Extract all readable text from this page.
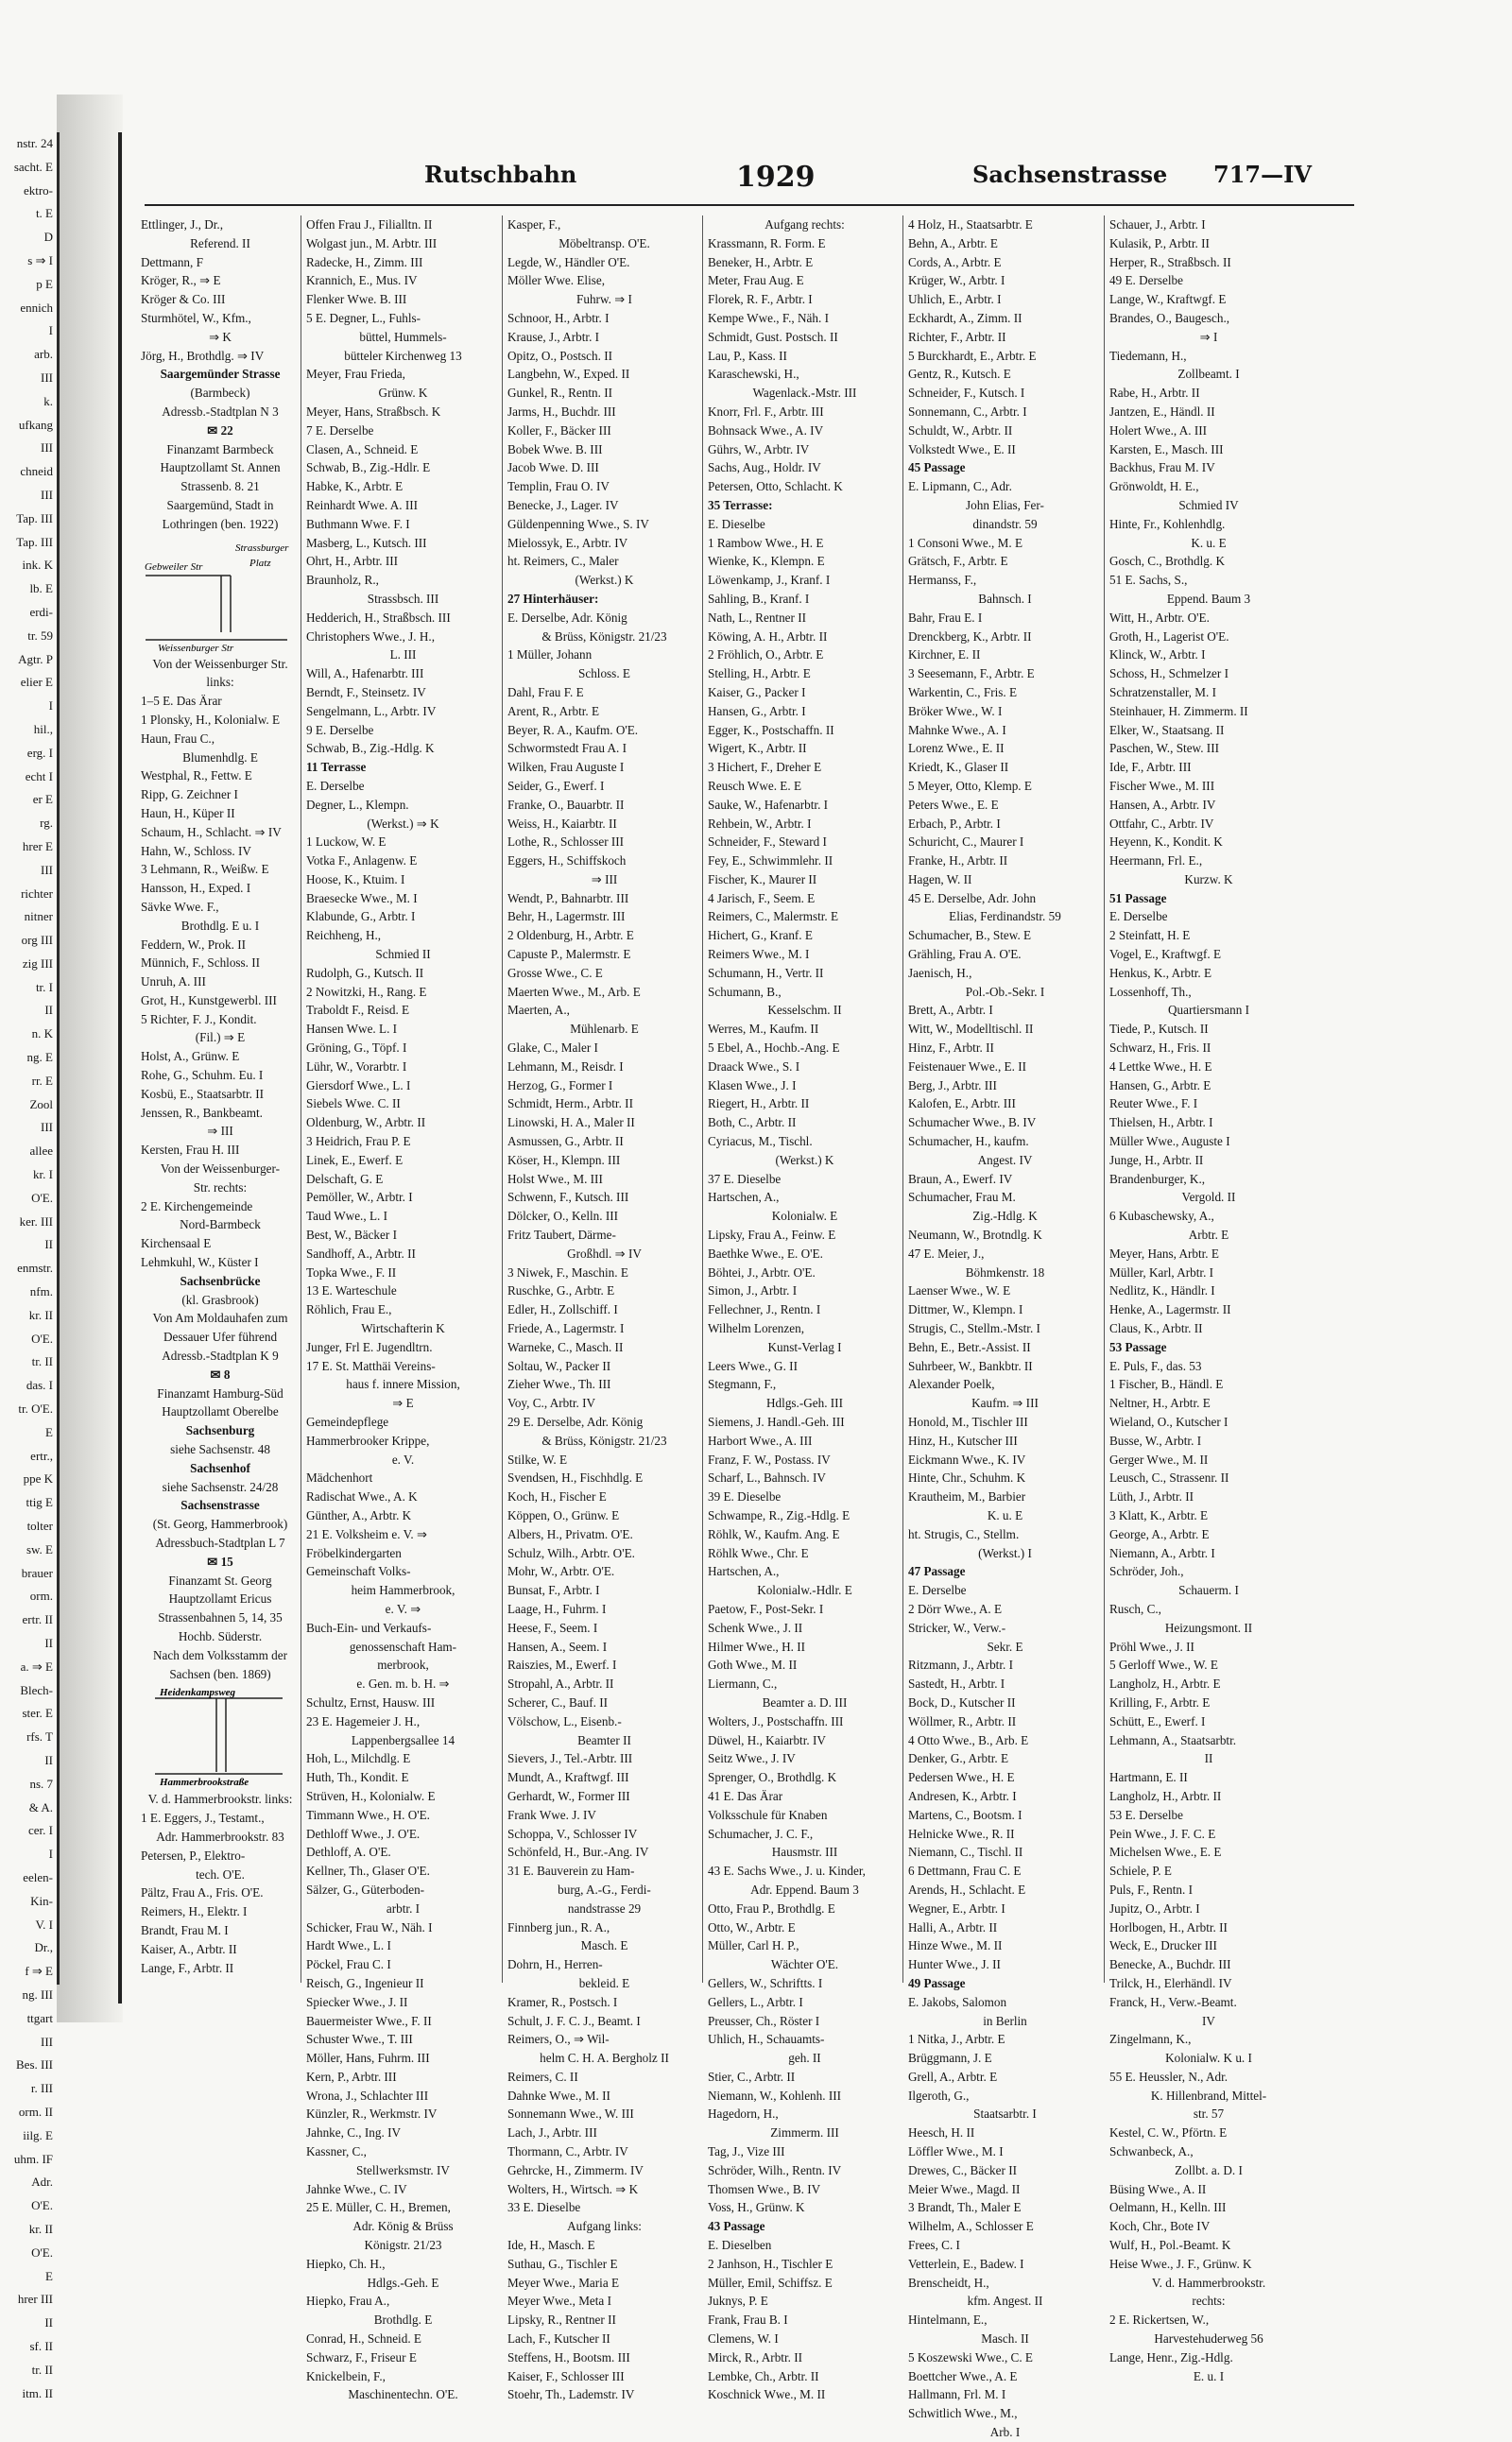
nstr. 24
sacht. E
ektro-
t. E
D
s ⇒ I
p E
ennich
I
arb.
III
k.
ufkang
III
chneid
III
Tap. III
Tap. III
ink. K
lb. E
erdi-
tr. 59
Agtr. P
elier E
I
hil.,
erg. I
echt I
er E
rg.
hrer E
III
richter
nitner
org III
zig III
tr. I
II
n. K
ng. E
rr. E
Zool
III
alleе
kr. I
O'E.
ker. III
II
enmstr.
nfm.
kr. II
O'E.
tr. II
das. I
tr. O'E.
E
ertr.,
ppe K
ttig E
tolter
sw. E
brauer
orm.
ertr. II
II
a. ⇒ E
Blech-
ster. E
rfs. T
II
ns. 7
& A.
cer. I
I
eelen-
Kin-
V. I
Dr.,
f ⇒ E
ng. III
ttgart
III
Bes. III
r. III
orm. II
iilg. E
uhm. IF
Adr.
O'E.
kr. II
O'E.
E
hrer III
II
sf. II
tr. II
itm. II
Rutschbahn	1929	Sachsenstrasse 717—IV
Ettlinger, J., Dr.,
Referend. II
Dettmann, F
Kröger, R., ⇒ E
Kröger & Co. III
Sturmhötel, W., Kfm.,
⇒ K
Jörg, H., Brothdlg. ⇒ IV
Saargemünder Strasse
(Barmbeck)
Adressb.-Stadtplan N 3
✉ 22
Finanzamt Barmbeck
Hauptzollamt St. Annen
Strassenb. 8. 21
Saargemünd, Stadt in
Lothringen (ben. 1922)
Gebweiler Str
Strassburger
Platz
Weissenburger Str
Von der Weissenburger Str.
links:
1–5 E. Das Ärar
1 Plonsky, H., Kolonialw. E
Haun, Frau C.,
Blumenhdlg. E
Westphal, R., Fettw. E
Ripp, G. Zeichner I
Haun, H., Küper II
Schaum, H., Schlacht. ⇒ IV
Hahn, W., Schloss. IV
3 Lehmann, R., Weißw. E
Hansson, H., Exped. I
Sävke Wwe. F.,
Brothdlg. E u. I
Feddern, W., Prok. II
Münnich, F., Schloss. II
Unruh, A. III
Grot, H., Kunstgewerbl. III
5 Richter, F. J., Kondit.
(Fil.) ⇒ E
Holst, A., Grünw. E
Rohe, G., Schuhm. Eu. I
Kosbü, E., Staatsarbtr. II
Jenssen, R., Bankbeamt.
⇒ III
Kersten, Frau H. III
Von der Weissenburger-
Str. rechts:
2 E. Kirchengemeinde
Nord-Barmbeck
Kirchensaal E
Lehmkuhl, W., Küster I
Sachsenbrücke
(kl. Grasbrook)
Von Am Moldauhafen zum
Dessauer Ufer führend
Adressb.-Stadtplan K 9
✉ 8
Finanzamt Hamburg-Süd
Hauptzollamt Oberelbe
Sachsenburg
siehe Sachsenstr. 48
Sachsenhof
siehe Sachsenstr. 24/28
Sachsenstrasse
(St. Georg, Hammerbrook)
Adressbuch-Stadtplan L 7
✉ 15
Finanzamt St. Georg
Hauptzollamt Ericus
Strassenbahnen 5, 14, 35
Hochb. Süderstr.
Nach dem Volksstamm der
Sachsen (ben. 1869)
Heidenkampsweg
Hammerbrookstraße
V. d. Hammerbrookstr. links:
1 E. Eggers, J., Testamt.,
Adr. Hammerbrookstr. 83
Petersen, P., Elektro-
tech. O'E.
Pältz, Frau A., Fris. O'E.
Reimers, H., Elektr. I
Brandt, Frau M. I
Kaiser, A., Arbtr. II
Lange, F., Arbtr. II
Offen Frau J., Filialltn. II
Wolgast jun., M. Arbtr. III
Radecke, H., Zimm. III
Krannich, E., Mus. IV
Flenker Wwe. B. III
5 E. Degner, L., Fuhls-
büttel, Hummels-
bütteler Kirchenweg 13
Meyer, Frau Frieda,
Grünw. K
Meyer, Hans, Straßbsch. K
7 E. Derselbe
Clasen, A., Schneid. E
Schwab, B., Zig.-Hdlr. E
Habke, K., Arbtr. E
Reinhardt Wwe. A. III
Buthmann Wwe. F. I
Masberg, L., Kutsch. III
Ohrt, H., Arbtr. III
Braunholz, R.,
Strassbsch. III
Hedderich, H., Straßbsch. III
Christophers Wwe., J. H.,
L. III
Will, A., Hafenarbtr. III
Berndt, F., Steinsetz. IV
Sengelmann, L., Arbtr. IV
9 E. Derselbe
Schwab, B., Zig.-Hdlg. K
11 Terrasse
E. Derselbe
Degner, L., Klempn.
(Werkst.) ⇒ K
1 Luckow, W. E
Votka F., Anlagenw. E
Hoose, K., Ktuim. I
Braesecke Wwe., M. I
Klabunde, G., Arbtr. I
Reichheng, H.,
Schmied II
Rudolph, G., Kutsch. II
2 Nowitzki, H., Rang. E
Traboldt F., Reisd. E
Hansen Wwe. L. I
Gröning, G., Töpf. I
Lühr, W., Vorarbtr. I
Giersdorf Wwe., L. I
Siebels Wwe. C. II
Oldenburg, W., Arbtr. II
3 Heidrich, Frau P. E
Linek, E., Ewerf. E
Delschaft, G. E
Pemöller, W., Arbtr. I
Taud Wwe., L. I
Best, W., Bäcker I
Sandhoff, A., Arbtr. II
Topka Wwe., F. II
13 E. Warteschule
Röhlich, Frau E.,
Wirtschafterin K
Junger, Frl E. Jugendltrn.
17 E. St. Matthäi Vereins-
haus f. innere Mission,
⇒ E
Gemeindepflege
Hammerbrooker Krippe,
e. V.
Mädchenhort
Radischat Wwe., A. K
Günther, A., Arbtr. K
21 E. Volksheim e. V. ⇒
Fröbelkindergarten
Gemeinschaft Volks-
heim Hammerbrook,
e. V. ⇒
Buch-Ein- und Verkaufs-
genossenschaft Ham-
merbrook,
e. Gen. m. b. H. ⇒
Schultz, Ernst, Hausw. III
23 E. Hagemeier J. H.,
Lappenbergsallee 14
Hoh, L., Milchdlg. E
Huth, Th., Kondit. E
Strüven, H., Kolonialw. E
Timmann Wwe., H. O'E.
Dethloff Wwe., J. O'E.
Dethloff, A. O'E.
Kellner, Th., Glaser O'E.
Sälzer, G., Güterboden-
arbtr. I
Schicker, Frau W., Näh. I
Hardt Wwe., L. I
Pöckel, Frau C. I
Reisch, G., Ingenieur II
Spiecker Wwe., J. II
Bauermeister Wwe., F. II
Schuster Wwe., T. III
Möller, Hans, Fuhrm. III
Kern, P., Arbtr. III
Wrona, J., Schlachter III
Künzler, R., Werkmstr. IV
Jahnke, C., Ing. IV
Kassner, C.,
Stellwerksmstr. IV
Jahnke Wwe., C. IV
25 E. Müller, C. H., Bremen,
Adr. König & Brüss
Königstr. 21/23
Hiepko, Ch. H.,
Hdlgs.-Geh. E
Hiepko, Frau A.,
Brothdlg. E
Conrad, H., Schneid. E
Schwarz, F., Friseur E
Knickelbein, F.,
Maschinentechn. O'E.
Kasper, F.,
Möbeltransp. O'E.
Legde, W., Händler O'E.
Möller Wwe. Elise,
Fuhrw. ⇒ I
Schnoor, H., Arbtr. I
Krause, J., Arbtr. I
Opitz, O., Postsch. II
Langbehn, W., Exped. II
Gunkel, R., Rentn. II
Jarms, H., Buchdr. III
Koller, F., Bäcker III
Bobek Wwe. B. III
Jacob Wwe. D. III
Templin, Frau O. IV
Benecke, J., Lager. IV
Güldenpenning Wwe., S. IV
Mielossyk, E., Arbtr. IV
ht. Reimers, C., Maler
(Werkst.) K
27 Hinterhäuser:
E. Derselbe, Adr. König
& Brüss, Königstr. 21/23
1 Müller, Johann
Schloss. E
Dahl, Frau F. E
Arent, R., Arbtr. E
Beyer, R. A., Kaufm. O'E.
Schwormstedt Frau A. I
Wilken, Frau Auguste I
Seider, G., Ewerf. I
Franke, O., Bauarbtr. II
Weiss, H., Kaiarbtr. II
Lothe, R., Schlosser III
Eggers, H., Schiffskoch
⇒ III
Wendt, P., Bahnarbtr. III
Behr, H., Lagermstr. III
2 Oldenburg, H., Arbtr. E
Capuste P., Malermstr. E
Grosse Wwe., C. E
Maerten Wwe., M., Arb. E
Maerten, A.,
Mühlenarb. E
Glake, C., Maler I
Lehmann, M., Reisdr. I
Herzog, G., Former I
Schmidt, Herm., Arbtr. II
Linowski, H. A., Maler II
Asmussen, G., Arbtr. II
Köser, H., Klempn. III
Holst Wwe., M. III
Schwenn, F., Kutsch. III
Dölcker, O., Kelln. III
Fritz Taubert, Därme-
Großhdl. ⇒ IV
3 Niwek, F., Maschin. E
Ruschke, G., Arbtr. E
Edler, H., Zollschiff. I
Friede, A., Lagermstr. I
Warneke, C., Masch. II
Soltau, W., Packer II
Zieher Wwe., Th. III
Voy, C., Arbtr. IV
29 E. Derselbe, Adr. König
& Brüss, Königstr. 21/23
Stilke, W. E
Svendsen, H., Fischhdlg. E
Koch, H., Fischer E
Köppen, O., Grünw. E
Albers, H., Privatm. O'E.
Schulz, Wilh., Arbtr. O'E.
Mohr, W., Arbtr. O'E.
Bunsat, F., Arbtr. I
Laage, H., Fuhrm. I
Heese, F., Seem. I
Hansen, A., Seem. I
Raiszies, M., Ewerf. I
Stropahl, A., Arbtr. II
Scherer, C., Bauf. II
Völschow, L., Eisenb.-
Beamter II
Sievers, J., Tel.-Arbtr. III
Mundt, A., Kraftwgf. III
Gerhardt, W., Former III
Frank Wwe. J. IV
Schoppa, V., Schlosser IV
Schönfeld, H., Bur.-Ang. IV
31 E. Bauverein zu Ham-
burg, A.-G., Ferdi-
nandstrasse 29
Finnberg jun., R. A.,
Masch. E
Dohrn, H., Herren-
bekleid. E
Kramer, R., Postsch. I
Schult, J. F. C. J., Beamt. I
Reimers, O., ⇒ Wil-
helm C. H. A. Bergholz II
Reimers, C. II
Dahnke Wwe., M. II
Sonnemann Wwe., W. III
Lach, J., Arbtr. III
Thormann, C., Arbtr. IV
Gehrcke, H., Zimmerm. IV
Wolters, H., Wirtsch. ⇒ K
33 E. Dieselbe
Aufgang links:
Ide, H., Masch. E
Suthau, G., Tischler E
Meyer Wwe., Maria E
Meyer Wwe., Meta I
Lipsky, R., Rentner II
Lach, F., Kutscher II
Steffens, H., Bootsm. III
Kaiser, F., Schlosser III
Stoehr, Th., Lademstr. IV
Aufgang rechts:
Krassmann, R. Form. E
Beneker, H., Arbtr. E
Meter, Frau Aug. E
Florek, R. F., Arbtr. I
Kempe Wwe., F., Näh. I
Schmidt, Gust. Postsch. II
Lau, P., Kass. II
Karaschewski, H.,
Wagenlack.-Mstr. III
Knorr, Frl. F., Arbtr. III
Bohnsack Wwe., A. IV
Gührs, W., Arbtr. IV
Sachs, Aug., Holdr. IV
Petersen, Otto, Schlacht. K
35 Terrasse:
E. Dieselbe
1 Rambow Wwe., H. E
Wienke, K., Klempn. E
Löwenkamp, J., Kranf. I
Sahling, B., Kranf. I
Nath, L., Rentner II
Köwing, A. H., Arbtr. II
2 Fröhlich, O., Arbtr. E
Stelling, H., Arbtr. E
Kaiser, G., Packer I
Hansen, G., Arbtr. I
Egger, K., Postschaffn. II
Wigert, K., Arbtr. II
3 Hichert, F., Dreher E
Reusch Wwe. E. E
Sauke, W., Hafenarbtr. I
Rehbein, W., Arbtr. I
Schneider, F., Steward I
Fey, E., Schwimmlehr. II
Fischer, K., Maurer II
4 Jarisch, F., Seem. E
Reimers, C., Malermstr. E
Hichert, G., Kranf. E
Reimers Wwe., M. I
Schumann, H., Vertr. II
Schumann, B.,
Kesselschm. II
Werres, M., Kaufm. II
5 Ebel, A., Hochb.-Ang. E
Draack Wwe., S. I
Klasen Wwe., J. I
Riegert, H., Arbtr. II
Both, C., Arbtr. II
Cyriacus, M., Tischl.
(Werkst.) K
37 E. Dieselbe
Hartschen, A.,
Kolonialw. E
Lipsky, Frau A., Feinw. E
Baethke Wwe., E. O'E.
Böhtei, J., Arbtr. O'E.
Simon, J., Arbtr. I
Fellechner, J., Rentn. I
Wilhelm Lorenzen,
Kunst-Verlag I
Leers Wwe., G. II
Stegmann, F.,
Hdlgs.-Geh. III
Siemens, J. Handl.-Geh. III
Harbort Wwe., A. III
Franz, F. W., Postass. IV
Scharf, L., Bahnsch. IV
39 E. Dieselbe
Schwampe, R., Zig.-Hdlg. E
Röhlk, W., Kaufm. Ang. E
Röhlk Wwe., Chr. E
Hartschen, A.,
Kolonialw.-Hdlr. E
Paetow, F., Post-Sekr. I
Schenk Wwe., J. II
Hilmer Wwe., H. II
Goth Wwe., M. II
Liermann, C.,
Beamter a. D. III
Wolters, J., Postschaffn. III
Düwel, H., Kaiarbtr. IV
Seitz Wwe., J. IV
Sprenger, O., Brothdlg. K
41 E. Das Ärar
Volksschule für Knaben
Schumacher, J. C. F.,
Hausmstr. III
43 E. Sachs Wwe., J. u. Kinder,
Adr. Eppend. Baum 3
Otto, Frau P., Brothdlg. E
Otto, W., Arbtr. E
Müller, Carl H. P.,
Wächter O'E.
Gellers, W., Schriftts. I
Gellers, L., Arbtr. I
Preusser, Ch., Röster I
Uhlich, H., Schauamts-
geh. II
Stier, C., Arbtr. II
Niemann, W., Kohlenh. III
Hagedorn, H.,
Zimmerm. III
Tag, J., Vize III
Schröder, Wilh., Rentn. IV
Thomsen Wwe., B. IV
Voss, H., Grünw. K
43 Passage
E. Dieselben
2 Janhson, H., Tischler E
Müller, Emil, Schiffsz. E
Juknys, P. E
Frank, Frau B. I
Clemens, W. I
Mirck, R., Arbtr. II
Lembke, Ch., Arbtr. II
Koschnick Wwe., M. II
4 Holz, H., Staatsarbtr. E
Behn, A., Arbtr. E
Cords, A., Arbtr. E
Krüger, W., Arbtr. I
Uhlich, E., Arbtr. I
Eckhardt, A., Zimm. II
Richter, F., Arbtr. II
5 Burckhardt, E., Arbtr. E
Gentz, R., Kutsch. E
Schneider, F., Kutsch. I
Sonnemann, C., Arbtr. I
Schuldt, W., Arbtr. II
Volkstedt Wwe., E. II
45 Passage
E. Lipmann, C., Adr.
John Elias, Fer-
dinandstr. 59
1 Consoni Wwe., M. E
Grätsch, F., Arbtr. E
Hermanss, F.,
Bahnsch. I
Bahr, Frau E. I
Drenckberg, K., Arbtr. II
Kirchner, E. II
3 Seesemann, F., Arbtr. E
Warkentin, C., Fris. E
Bröker Wwe., W. I
Mahnke Wwe., A. I
Lorenz Wwe., E. II
Kriedt, K., Glaser II
5 Meyer, Otto, Klemp. E
Peters Wwe., E. E
Erbach, P., Arbtr. I
Schuricht, C., Maurer I
Franke, H., Arbtr. II
Hagen, W. II
45 E. Derselbe, Adr. John
Elias, Ferdinandstr. 59
Schumacher, B., Stew. E
Grähling, Frau A. O'E.
Jaenisch, H.,
Pol.-Ob.-Sekr. I
Brett, A., Arbtr. I
Witt, W., Modelltischl. II
Hinz, F., Arbtr. II
Feistenauer Wwe., E. II
Berg, J., Arbtr. III
Kalofen, E., Arbtr. III
Schumacher Wwe., B. IV
Schumacher, H., kaufm.
Angest. IV
Braun, A., Ewerf. IV
Schumacher, Frau M.
Zig.-Hdlg. K
Neumann, W., Brotndlg. K
47 E. Meier, J.,
Böhmkenstr. 18
Laenser Wwe., W. E
Dittmer, W., Klempn. I
Strugis, C., Stellm.-Mstr. I
Behn, E., Betr.-Assist. II
Suhrbeer, W., Bankbtr. II
Alexander Poelk,
Kaufm. ⇒ III
Honold, M., Tischler III
Hinz, H., Kutscher III
Eickmann Wwe., K. IV
Hinte, Chr., Schuhm. K
Krautheim, M., Barbier
K. u. E
ht. Strugis, C., Stellm.
(Werkst.) I
47 Passage
E. Derselbe
2 Dörr Wwe., A. E
Stricker, W., Verw.-
Sekr. E
Ritzmann, J., Arbtr. I
Sastedt, H., Arbtr. I
Bock, D., Kutscher II
Wöllmer, R., Arbtr. II
4 Otto Wwe., B., Arb. E
Denker, G., Arbtr. E
Pedersen Wwe., H. E
Andresen, K., Arbtr. I
Martens, C., Bootsm. I
Helnicke Wwe., R. II
Niemann, C., Tischl. II
6 Dettmann, Frau C. E
Arends, H., Schlacht. E
Wegner, E., Arbtr. I
Halli, A., Arbtr. II
Hinze Wwe., M. II
Hunter Wwe., J. II
49 Passage
E. Jakobs, Salomon
in Berlin
1 Nitka, J., Arbtr. E
Brüggmann, J. E
Grell, A., Arbtr. E
Ilgeroth, G.,
Staatsarbtr. I
Heesch, H. II
Löffler Wwe., M. I
Drewes, C., Bäcker II
Meier Wwe., Magd. II
3 Brandt, Th., Maler E
Wilhelm, A., Schlosser E
Frees, C. I
Vetterlein, E., Badew. I
Brenscheidt, H.,
kfm. Angest. II
Hintelmann, E.,
Masch. II
5 Koszewski Wwe., C. E
Boettcher Wwe., A. E
Hallmann, Frl. M. I
Schwitlich Wwe., M.,
Arb. I
Schauer, J., Arbtr. I
Kulasik, P., Arbtr. II
Herper, R., Straßbsch. II
49 E. Derselbe
Lange, W., Kraftwgf. E
Brandes, O., Baugesch.,
⇒ I
Tiedemann, H.,
Zollbeamt. I
Rabe, H., Arbtr. II
Jantzen, E., Händl. II
Holert Wwe., A. III
Karsten, E., Masch. III
Backhus, Frau M. IV
Grönwoldt, H. E.,
Schmied IV
Hinte, Fr., Kohlenhdlg.
K. u. E
Gosch, C., Brothdlg. K
51 E. Sachs, S.,
Eppend. Baum 3
Witt, H., Arbtr. O'E.
Groth, H., Lagerist O'E.
Klinck, W., Arbtr. I
Schoss, H., Schmelzer I
Schratzenstaller, M. I
Steinhauer, H. Zimmerm. II
Elker, W., Staatsang. II
Paschen, W., Stew. III
Ide, F., Arbtr. III
Fischer Wwe., M. III
Hansen, A., Arbtr. IV
Ottfahr, C., Arbtr. IV
Heyenn, K., Kondit. K
Heermann, Frl. E.,
Kurzw. K
51 Passage
E. Derselbe
2 Steinfatt, H. E
Vogel, E., Kraftwgf. E
Henkus, K., Arbtr. E
Lossenhoff, Th.,
Quartiersmann I
Tiede, P., Kutsch. II
Schwarz, H., Fris. II
4 Lettke Wwe., H. E
Hansen, G., Arbtr. E
Reuter Wwe., F. I
Thielsen, H., Arbtr. I
Müller Wwe., Auguste I
Junge, H., Arbtr. II
Brandenburger, K.,
Vergold. II
6 Kubaschewsky, A.,
Arbtr. E
Meyer, Hans, Arbtr. E
Müller, Karl, Arbtr. I
Nedlitz, K., Händlr. I
Henke, A., Lagermstr. II
Claus, K., Arbtr. II
53 Passage
E. Puls, F., das. 53
1 Fischer, B., Händl. E
Neltner, H., Arbtr. E
Wieland, O., Kutscher I
Busse, W., Arbtr. I
Gerger Wwe., M. II
Leusch, C., Strassenr. II
Lüth, J., Arbtr. II
3 Klatt, K., Arbtr. E
George, A., Arbtr. E
Niemann, A., Arbtr. I
Schröder, Joh.,
Schauerm. I
Rusch, C.,
Heizungsmont. II
Pröhl Wwe., J. II
5 Gerloff Wwe., W. E
Langholz, H., Arbtr. E
Krilling, F., Arbtr. E
Schütt, E., Ewerf. I
Lehmann, A., Staatsarbtr.
II
Hartmann, E. II
Langholz, H., Arbtr. II
53 E. Derselbe
Pein Wwe., J. F. C. E
Michelsen Wwe., E. E
Schiele, P. E
Puls, F., Rentn. I
Jupitz, O., Arbtr. I
Horlbogen, H., Arbtr. II
Weck, E., Drucker III
Benecke, A., Buchdr. III
Trilck, H., Elerhändl. IV
Franck, H., Verw.-Beamt.
IV
Zingelmann, K.,
Kolonialw. K u. I
55 E. Heussler, N., Adr.
K. Hillenbrand, Mittel-
str. 57
Kestel, C. W., Pförtn. E
Schwanbeck, A.,
Zollbt. a. D. I
Büsing Wwe., A. II
Oelmann, H., Kelln. III
Koch, Chr., Bote IV
Wulf, H., Pol.-Beamt. K
Heise Wwe., J. F., Grünw. K
V. d. Hammerbrookstr.
rechts:
2 E. Rickertsen, W.,
Harvestehuderweg 56
Lange, Henr., Zig.-Hdlg.
E. u. I
